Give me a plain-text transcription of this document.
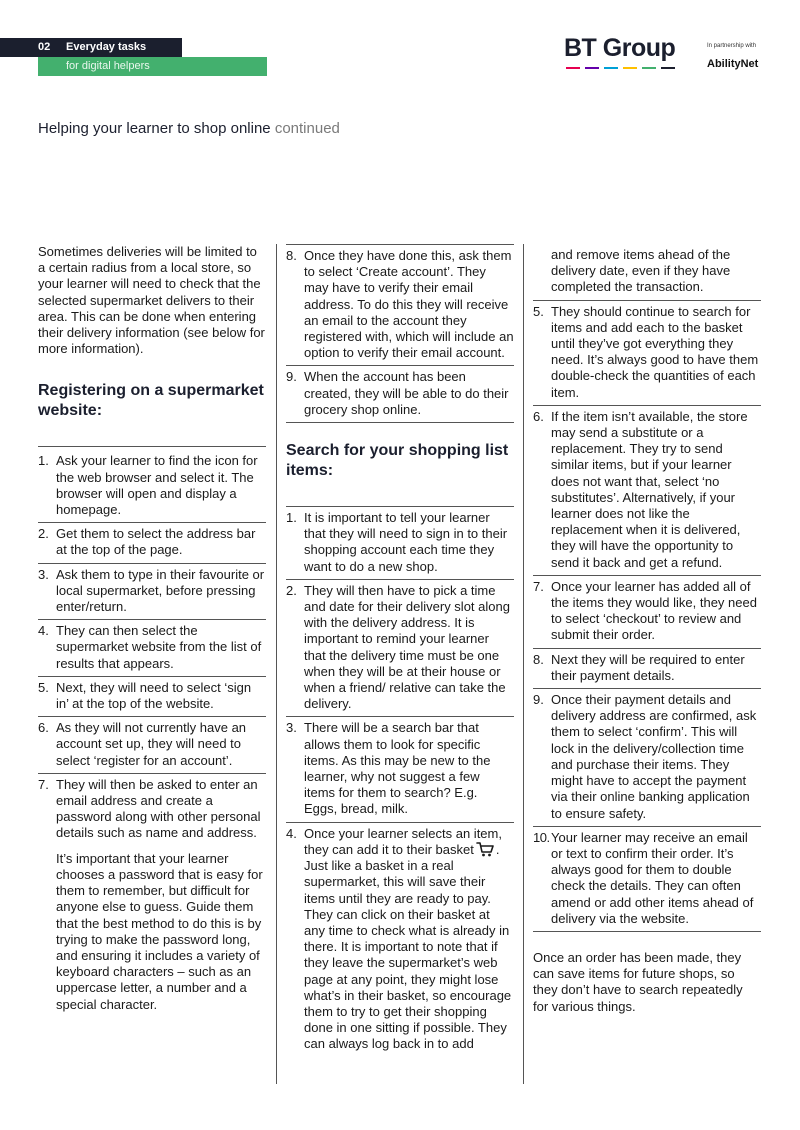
02 Everyday tasks
for digital helpers
BT Group	In partnership with
AbilityNet
Helping your learner to shop online continued

Sometimes deliveries will be limited to a certain radius from a local store, so your learner will need to check that the selected supermarket delivers to their area. This can be done when entering their delivery information (see below for more information).

Registering on a supermarket website:
1. Ask your learner to find the icon for the web browser and select it. The browser will open and display a homepage.
2. Get them to select the address bar at the top of the page.
3. Ask them to type in their favourite or local supermarket, before pressing enter/return.
4. They can then select the supermarket website from the list of results that appears.
5. Next, they will need to select ‘sign in’ at the top of the website.
6. As they will not currently have an account set up, they will need to select ‘register for an account’.
7. They will then be asked to enter an email address and create a password along with other personal details such as name and address.
It’s important that your learner chooses a password that is easy for them to remember, but difficult for anyone else to guess. Guide them that the best method to do this is by trying to make the password long, and ensuring it includes a variety of keyboard characters – such as an uppercase letter, a number and a special character.
8. Once they have done this, ask them to select ‘Create account’. They may have to verify their email address. To do this they will receive an email to the account they registered with, which will include an option to verify their email account.
9. When the account has been created, they will be able to do their grocery shop online.
Search for your shopping list items:
1. It is important to tell your learner that they will need to sign in to their shopping account each time they want to do a new shop.
2. They will then have to pick a time and date for their delivery slot along with the delivery address. It is important to remind your learner that the delivery time must be one when they will be at their house or when a friend/ relative can take the delivery.
3. There will be a search bar that allows them to look for specific items. As this may be new to the learner, why not suggest a few items for them to search? E.g. Eggs, bread, milk.
4. Once your learner selects an item, they can add it to their basket . Just like a basket in a real supermarket, this will save their items until they are ready to pay. They can click on their basket at any time to check what is already in there. It is important to note that if they leave the supermarket’s web page at any point, they might lose what’s in their basket, so encourage them to try to get their shopping done in one sitting if possible. They can always log back in to add
and remove items ahead of the delivery date, even if they have completed the transaction.
5. They should continue to search for items and add each to the basket until they’ve got everything they need. It’s always good to have them double-check the quantities of each item.
6. If the item isn’t available, the store may send a substitute or a replacement. They try to send similar items, but if your learner does not want that, select ‘no substitutes’. Alternatively, if your learner does not like the replacement when it is delivered, they will have the opportunity to send it back and get a refund.
7. Once your learner has added all of the items they would like, they need to select ‘checkout’ to review and submit their order.
8. Next they will be required to enter their payment details.
9. Once their payment details and delivery address are confirmed, ask them to select ‘confirm’. This will lock in the delivery/collection time and purchase their items. They might have to accept the payment via their online banking application to ensure safety.
10. Your learner may receive an email or text to confirm their order. It’s always good for them to double check the details. They can often amend or add other items ahead of delivery via the website.

Once an order has been made, they can save items for future shops, so they don’t have to search repeatedly for various things.
